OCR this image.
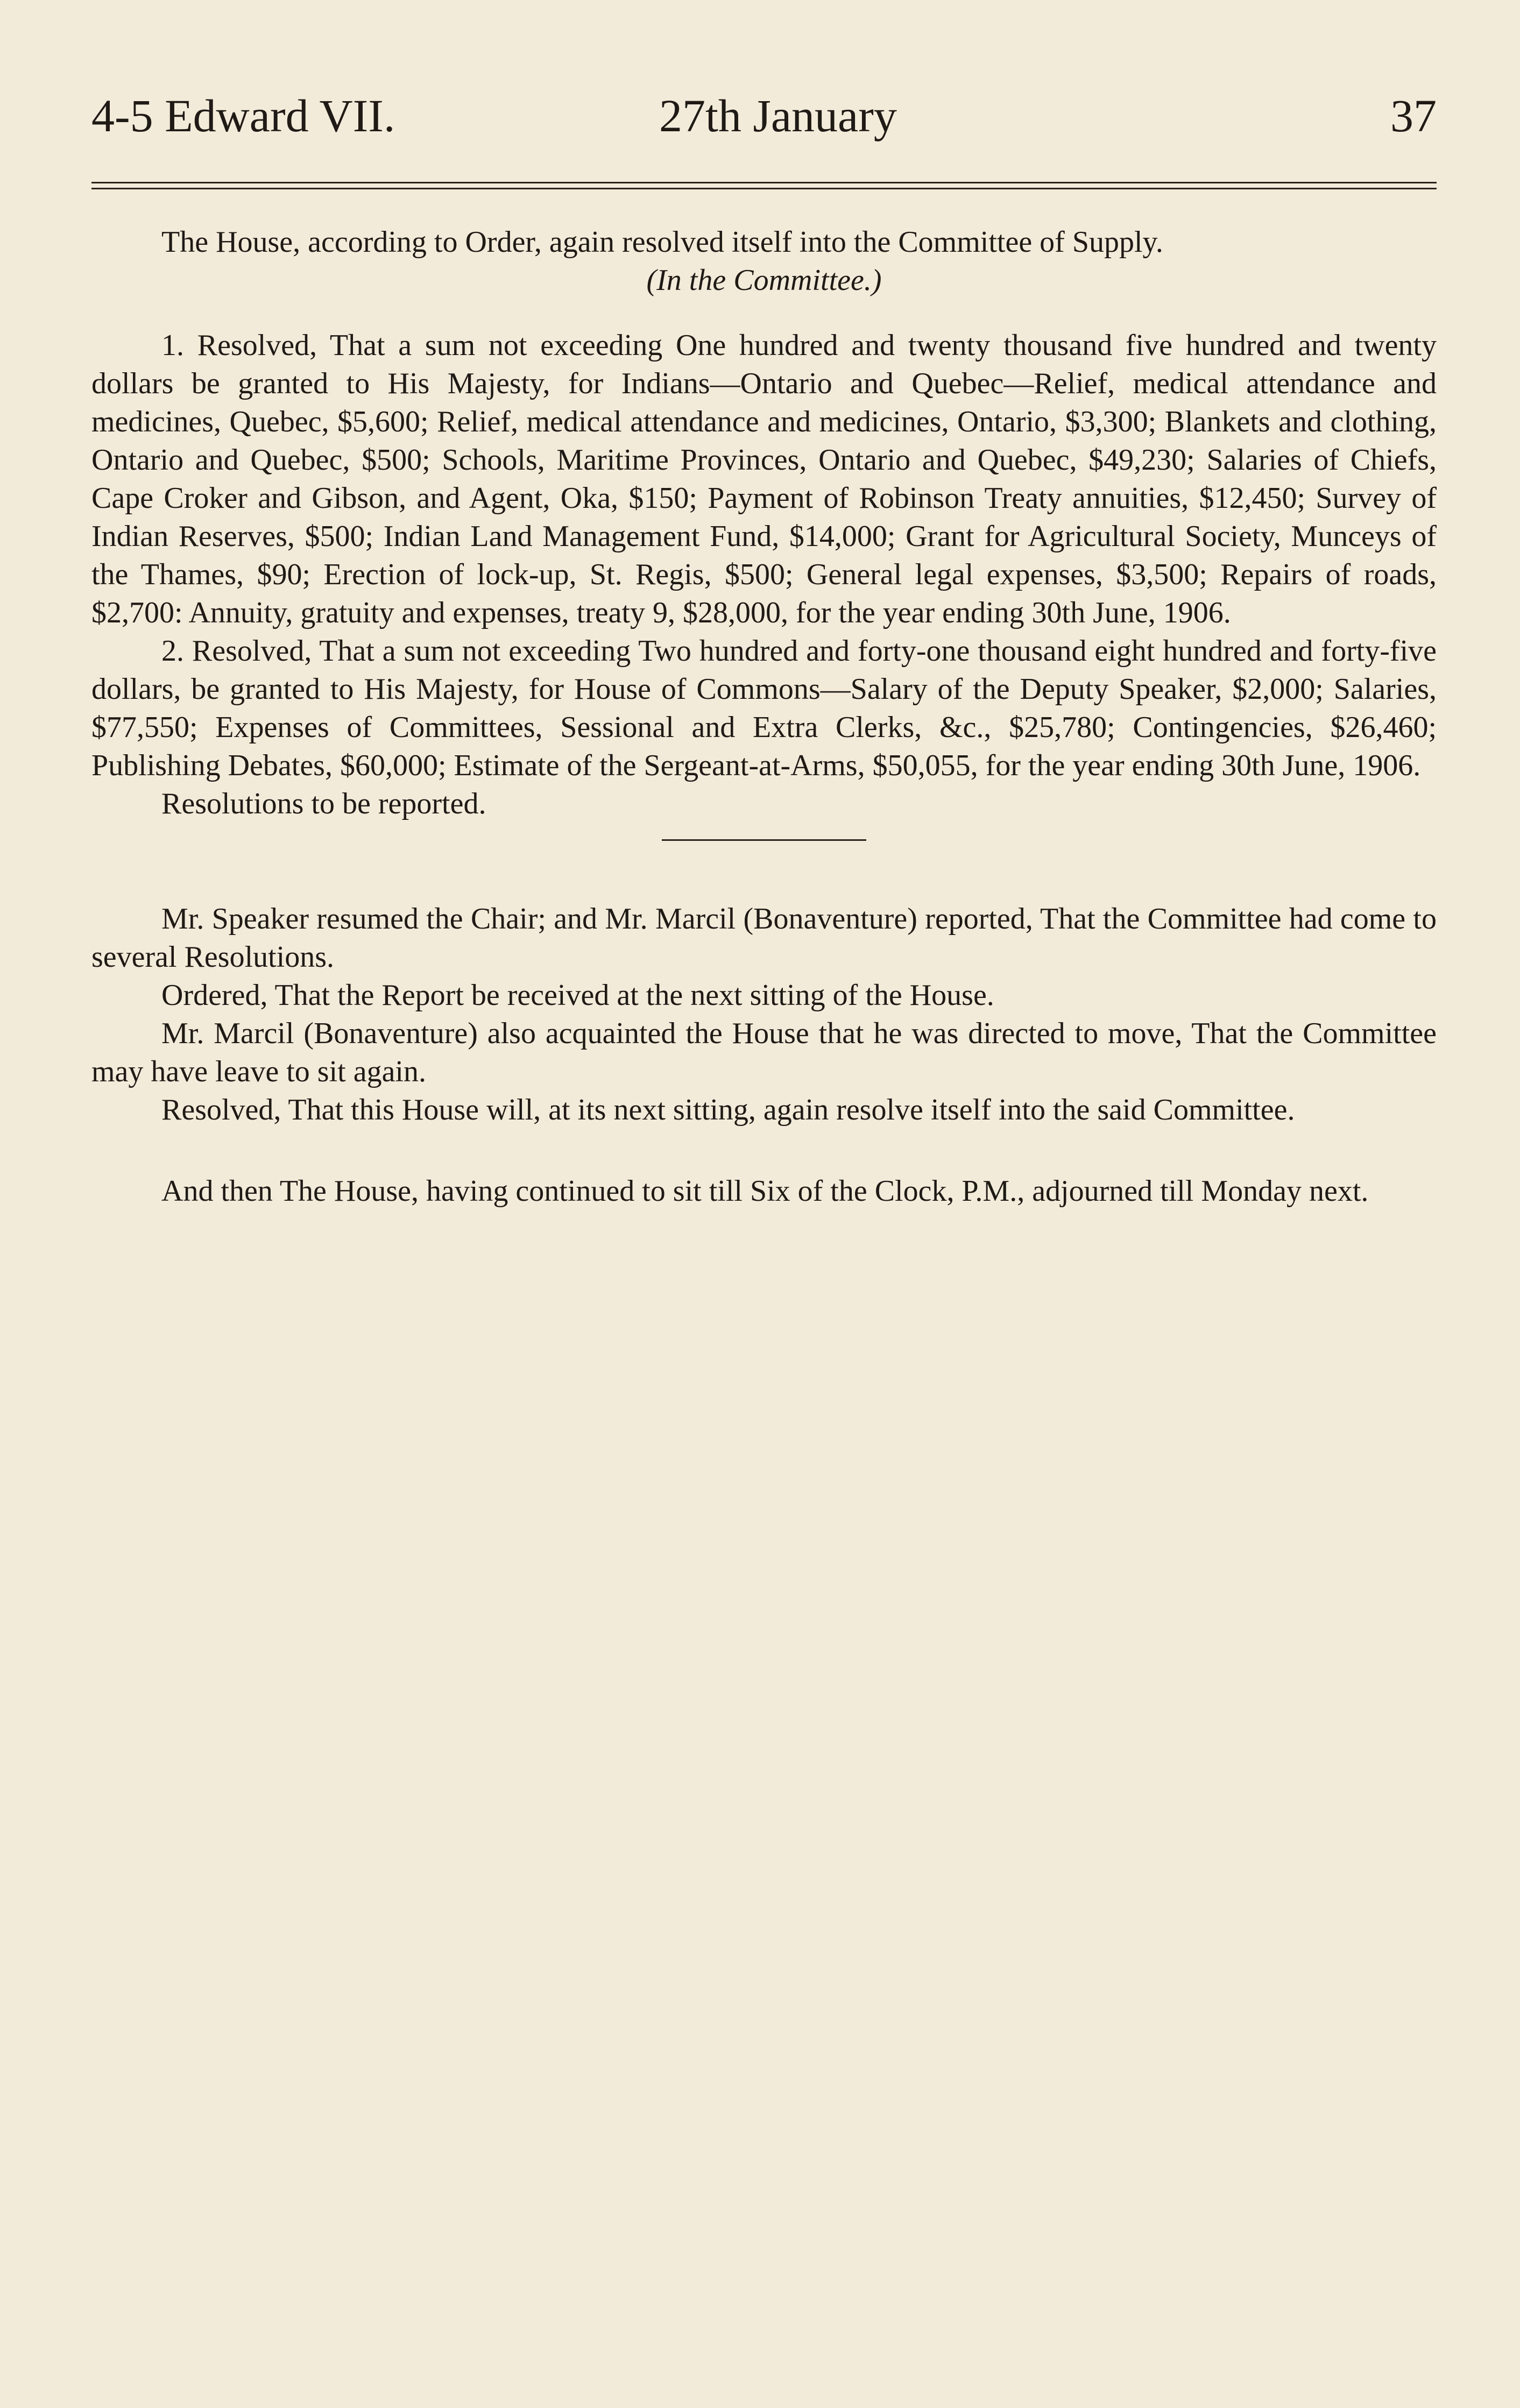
4-5 Edward VII.	27th January	37

The House, according to Order, again resolved itself into the Committee of Supply.

(In the Committee.)

1. Resolved, That a sum not exceeding One hundred and twenty thousand five hundred and twenty dollars be granted to His Majesty, for Indians—Ontario and Quebec—Relief, medical attendance and medicines, Quebec, $5,600; Relief, medical attendance and medicines, Ontario, $3,300; Blankets and clothing, Ontario and Quebec, $500; Schools, Maritime Provinces, Ontario and Quebec, $49,230; Salaries of Chiefs, Cape Croker and Gibson, and Agent, Oka, $150; Payment of Robinson Treaty annuities, $12,450; Survey of Indian Reserves, $500; Indian Land Management Fund, $14,000; Grant for Agricultural Society, Munceys of the Thames, $90; Erection of lock-up, St. Regis, $500; General legal expenses, $3,500; Repairs of roads, $2,700: Annuity, gratuity and expenses, treaty 9, $28,000, for the year ending 30th June, 1906.

2. Resolved, That a sum not exceeding Two hundred and forty-one thousand eight hundred and forty-five dollars, be granted to His Majesty, for House of Commons—Salary of the Deputy Speaker, $2,000; Salaries, $77,550; Expenses of Committees, Sessional and Extra Clerks, &c., $25,780; Contingencies, $26,460; Publishing Debates, $60,000; Estimate of the Sergeant-at-Arms, $50,055, for the year ending 30th June, 1906.

Resolutions to be reported.

Mr. Speaker resumed the Chair; and Mr. Marcil (Bonaventure) reported, That the Committee had come to several Resolutions.

Ordered, That the Report be received at the next sitting of the House.

Mr. Marcil (Bonaventure) also acquainted the House that he was directed to move, That the Committee may have leave to sit again.

Resolved, That this House will, at its next sitting, again resolve itself into the said Committee.

And then The House, having continued to sit till Six of the Clock, P.M., adjourned till Monday next.
